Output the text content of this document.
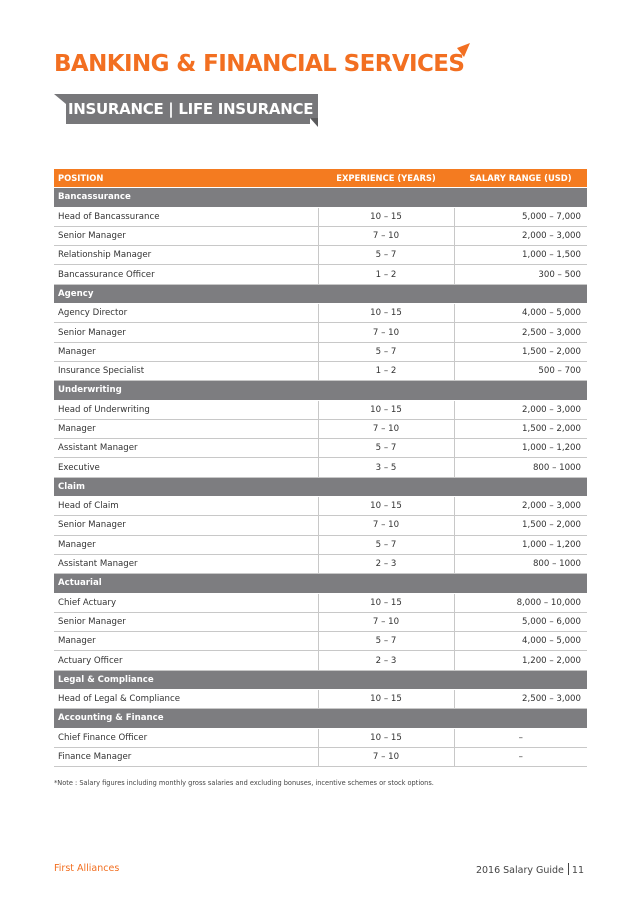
BANKING & FINANCIAL SERVICES
INSURANCE | LIFE INSURANCE
POSITION	EXPERIENCE (YEARS)	SALARY RANGE (USD)
Bancassurance		
Head of Bancassurance	10 – 15	5,000 – 7,000
Senior Manager	7 – 10	2,000 – 3,000
Relationship Manager	5 – 7	1,000 – 1,500
Bancassurance Officer	1 – 2	300 – 500
Agency		
Agency Director	10 – 15	4,000 – 5,000
Senior Manager	7 – 10	2,500 – 3,000
Manager	5 – 7	1,500 – 2,000
Insurance Specialist	1 – 2	500 – 700
Underwriting		
Head of Underwriting	10 – 15	2,000 – 3,000
Manager	7 – 10	1,500 – 2,000
Assistant Manager	5 – 7	1,000 – 1,200
Executive	3 – 5	800 – 1000
Claim		
Head of Claim	10 – 15	2,000 – 3,000
Senior Manager	7 – 10	1,500 – 2,000
Manager	5 – 7	1,000 – 1,200
Assistant Manager	2 – 3	800 – 1000
Actuarial		
Chief Actuary	10 – 15	8,000 – 10,000
Senior Manager	7 – 10	5,000 – 6,000
Manager	5 – 7	4,000 – 5,000
Actuary Officer	2 – 3	1,200 – 2,000
Legal & Compliance		
Head of Legal & Compliance	10 – 15	2,500 – 3,000
Accounting & Finance		
Chief Finance Officer	10 – 15	–
Finance Manager	7 – 10	–
*Note : Salary figures including monthly gross salaries and excluding bonuses, incentive schemes or stock options.
First Alliances	2016 Salary Guide 11
